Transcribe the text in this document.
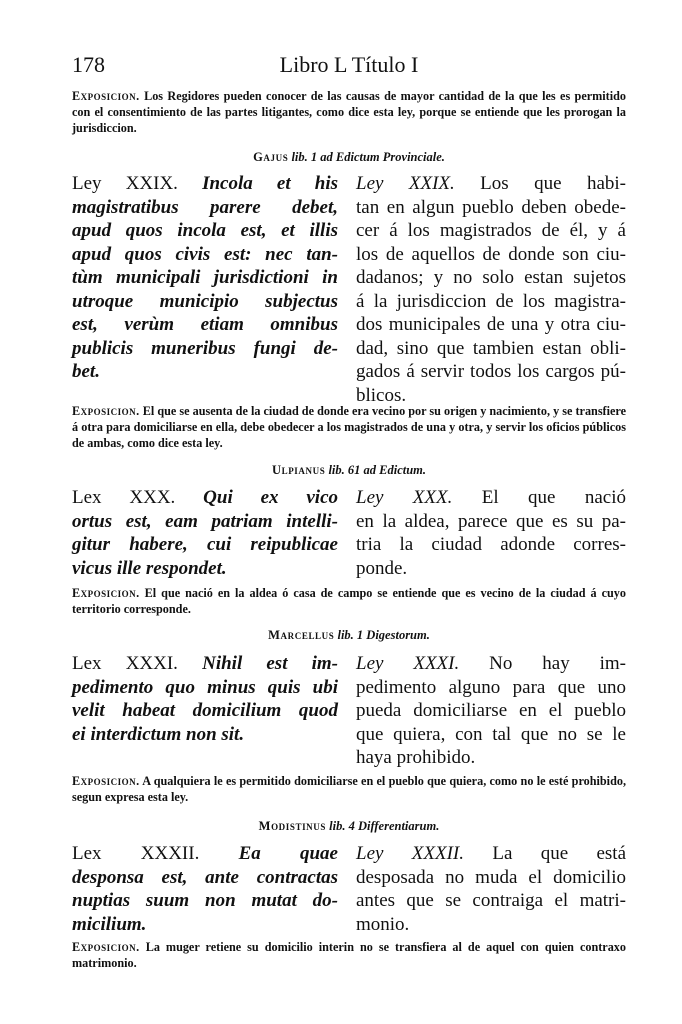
178	Libro L Título I
Exposicion. Los Regidores pueden conocer de las causas de mayor cantidad de la que les es permitido con el consentimiento de las partes litigantes, como dice esta ley, porque se entiende que les prorogan la jurisdiccion.
Gajus lib. 1 ad Edictum Provinciale.
Ley XXIX. Incola et his
magistratibus parere debet,
apud quos incola est, et illis
apud quos civis est: nec tan-
tùm municipali jurisdictioni in
utroque municipio subjectus
est, verùm etiam omnibus
publicis muneribus fungi de-
bet.
Ley XXIX. Los que habi-
tan en algun pueblo deben obede-
cer á los magistrados de él, y á
los de aquellos de donde son ciu-
dadanos; y no solo estan sujetos
á la jurisdiccion de los magistra-
dos municipales de una y otra ciu-
dad, sino que tambien estan obli-
gados á servir todos los cargos pú-
blicos.
Exposicion. El que se ausenta de la ciudad de donde era vecino por su origen y nacimiento, y se transfiere á otra para domiciliarse en ella, debe obedecer a los magistrados de una y otra, y servir los oficios públicos de ambas, como dice esta ley.
Ulpianus lib. 61 ad Edictum.
Lex XXX. Qui ex vico
ortus est, eam patriam intelli-
gitur habere, cui reipublicae
vicus ille respondet.
Ley XXX. El que nació
en la aldea, parece que es su pa-
tria la ciudad adonde corres-
ponde.
Exposicion. El que nació en la aldea ó casa de campo se entiende que es vecino de la ciudad á cuyo territorio corresponde.
Marcellus lib. 1 Digestorum.
Lex XXXI. Nihil est im-
pedimento quo minus quis ubi
velit habeat domicilium quod
ei interdictum non sit.
Ley XXXI. No hay im-
pedimento alguno para que uno
pueda domiciliarse en el pueblo
que quiera, con tal que no se le
haya prohibido.
Exposicion. A qualquiera le es permitido domiciliarse en el pueblo que quiera, como no le esté prohibido, segun expresa esta ley.
Modistinus lib. 4 Differentiarum.
Lex XXXII. Ea quae
desponsa est, ante contractas
nuptias suum non mutat do-
micilium.
Ley XXXII. La que está
desposada no muda el domicilio
antes que se contraiga el matri-
monio.
Exposicion. La muger retiene su domicilio interin no se transfiera al de aquel con quien contraxo matrimonio.
